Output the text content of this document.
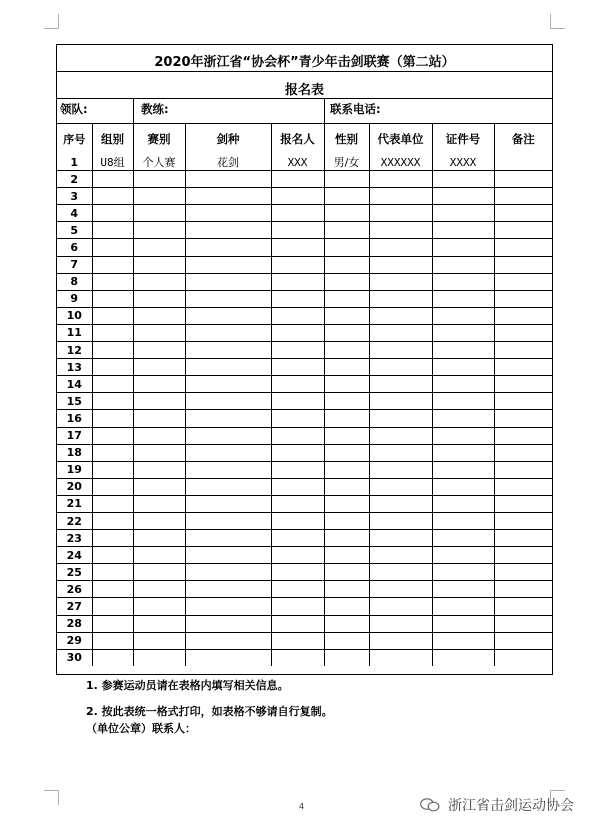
2020年浙江省“协会杯”青少年击剑联赛（第二站）
报名表
领队:	教练:	联系电话:
序号	组别	赛别	剑种	报名人	性别	代表单位	证件号	备注
1	U8组	个人赛	花剑	XXX	男/女	XXXXXX	XXXX	
2								
3								
4								
5								
6								
7								
8								
9								
10								
11								
12								
13								
14								
15								
16								
17								
18								
19								
20								
21								
22								
23								
24								
25								
26								
27								
28								
29								
30								
1. 参赛运动员请在表格内填写相关信息。
2. 按此表统一格式打印，如表格不够请自行复制。
（单位公章）联系人：
4	浙江省击剑运动协会
